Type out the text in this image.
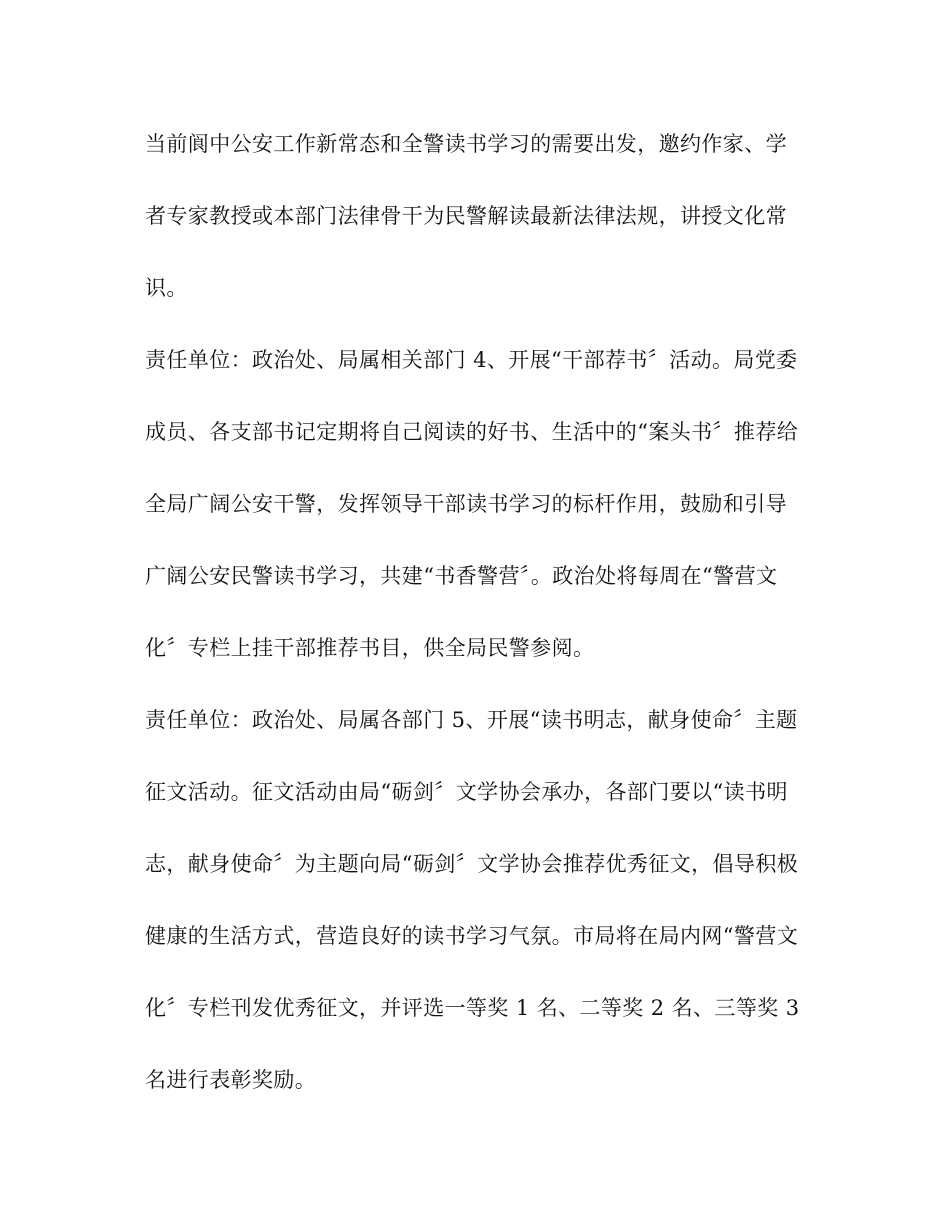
当前阆中公安工作新常态和全警读书学习的需要出发，邀约作家、学
者专家教授或本部门法律骨干为民警解读最新法律法规，讲授文化常
识。
责任单位：政治处、局属相关部门 4、开展“干部荐书〞活动。局党委
成员、各支部书记定期将自己阅读的好书、生活中的“案头书〞推荐给
全局广阔公安干警，发挥领导干部读书学习的标杆作用，鼓励和引导
广阔公安民警读书学习，共建“书香警营〞。政治处将每周在“警营文
化〞专栏上挂干部推荐书目，供全局民警参阅。
责任单位：政治处、局属各部门 5、开展“读书明志，献身使命〞主题
征文活动。征文活动由局“砺剑〞文学协会承办，各部门要以“读书明
志，献身使命〞为主题向局“砺剑〞文学协会推荐优秀征文，倡导积极
健康的生活方式，营造良好的读书学习气氛。市局将在局内网“警营文
化〞专栏刊发优秀征文，并评选一等奖 1 名、二等奖 2 名、三等奖 3
名进行表彰奖励。
